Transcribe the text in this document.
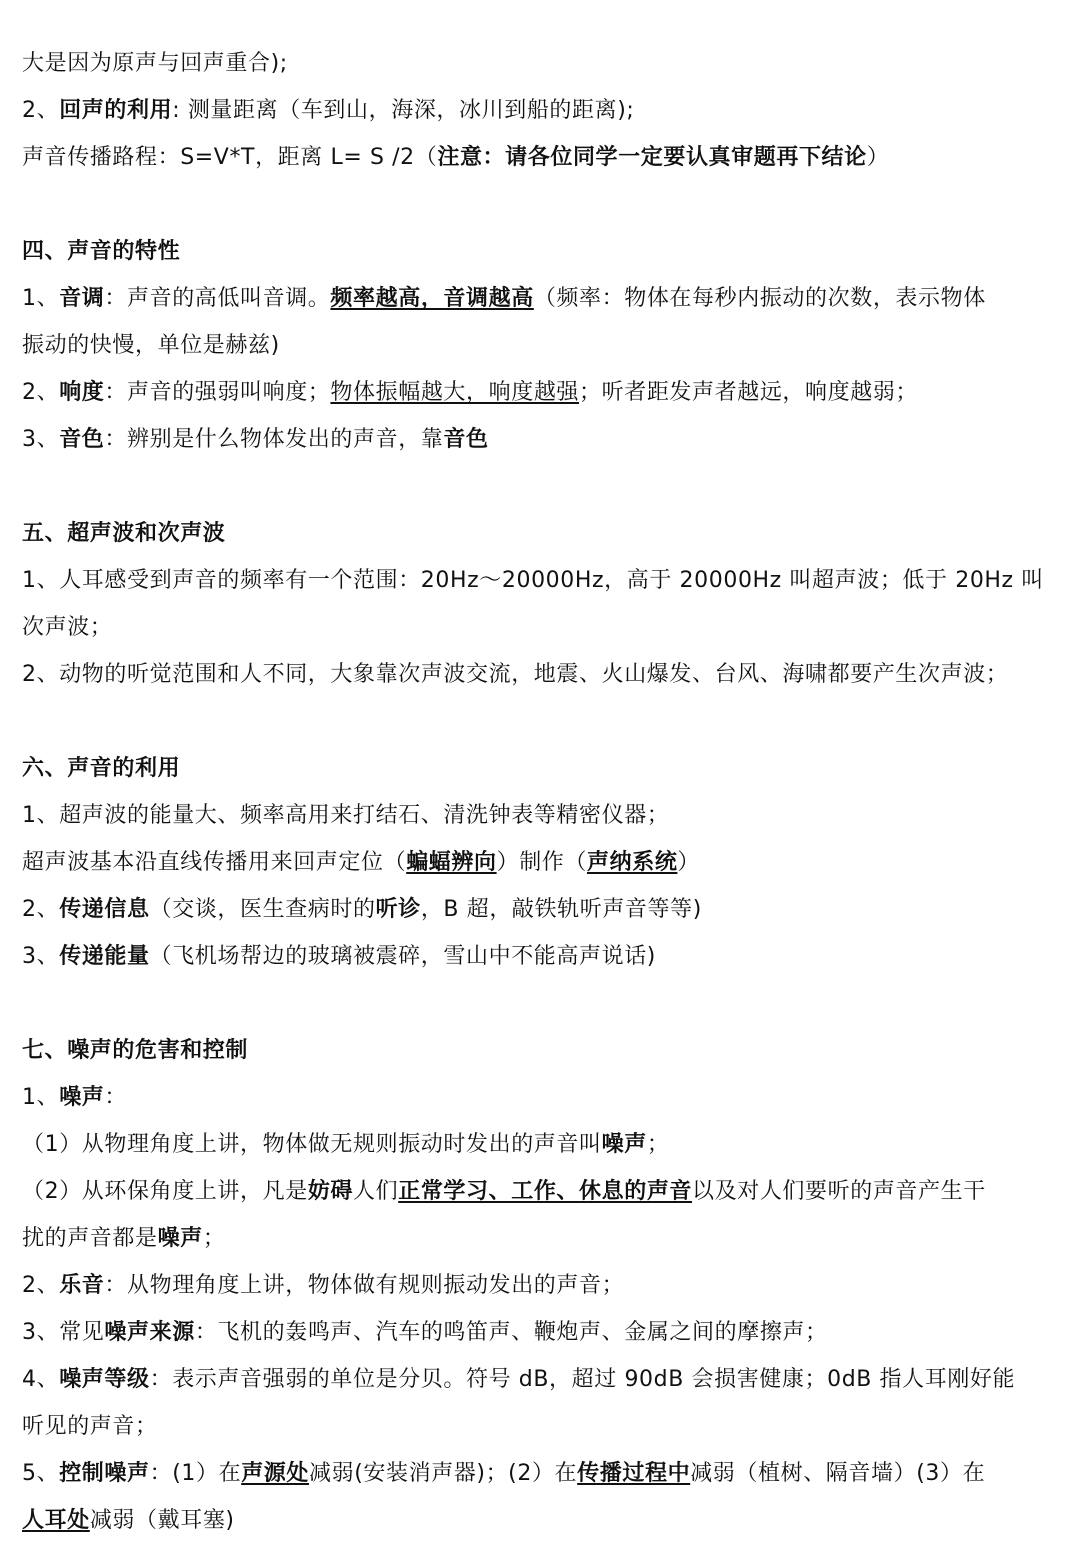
大是因为原声与回声重合);
2、回声的利用: 测量距离（车到山，海深，冰川到船的距离);
声音传播路程：S=V*T，距离 L= S /2（注意：请各位同学一定要认真审题再下结论）
四、声音的特性
1、音调：声音的高低叫音调。频率越高，音调越高（频率：物体在每秒内振动的次数，表示物体
振动的快慢，单位是赫兹)
2、响度：声音的强弱叫响度；物体振幅越大，响度越强；听者距发声者越远，响度越弱；
3、音色：辨别是什么物体发出的声音，靠音色
五、超声波和次声波
1、人耳感受到声音的频率有一个范围：20Hz～20000Hz，高于 20000Hz 叫超声波；低于 20Hz 叫
次声波；
2、动物的听觉范围和人不同，大象靠次声波交流，地震、火山爆发、台风、海啸都要产生次声波；
六、声音的利用
1、超声波的能量大、频率高用来打结石、清洗钟表等精密仪器；
超声波基本沿直线传播用来回声定位（蝙蝠辨向）制作（声纳系统）
2、传递信息（交谈，医生查病时的听诊，B 超，敲铁轨听声音等等)
3、传递能量（飞机场帮边的玻璃被震碎，雪山中不能高声说话)
七、噪声的危害和控制
1、噪声：
（1）从物理角度上讲，物体做无规则振动时发出的声音叫噪声；
（2）从环保角度上讲，凡是妨碍人们正常学习、工作、休息的声音以及对人们要听的声音产生干
扰的声音都是噪声；
2、乐音：从物理角度上讲，物体做有规则振动发出的声音；
3、常见噪声来源：飞机的轰鸣声、汽车的鸣笛声、鞭炮声、金属之间的摩擦声；
4、噪声等级：表示声音强弱的单位是分贝。符号 dB，超过 90dB 会损害健康；0dB 指人耳刚好能
听见的声音；
5、控制噪声：(1）在声源处减弱(安装消声器)；(2）在传播过程中减弱（植树、隔音墙）(3）在
人耳处减弱（戴耳塞)
